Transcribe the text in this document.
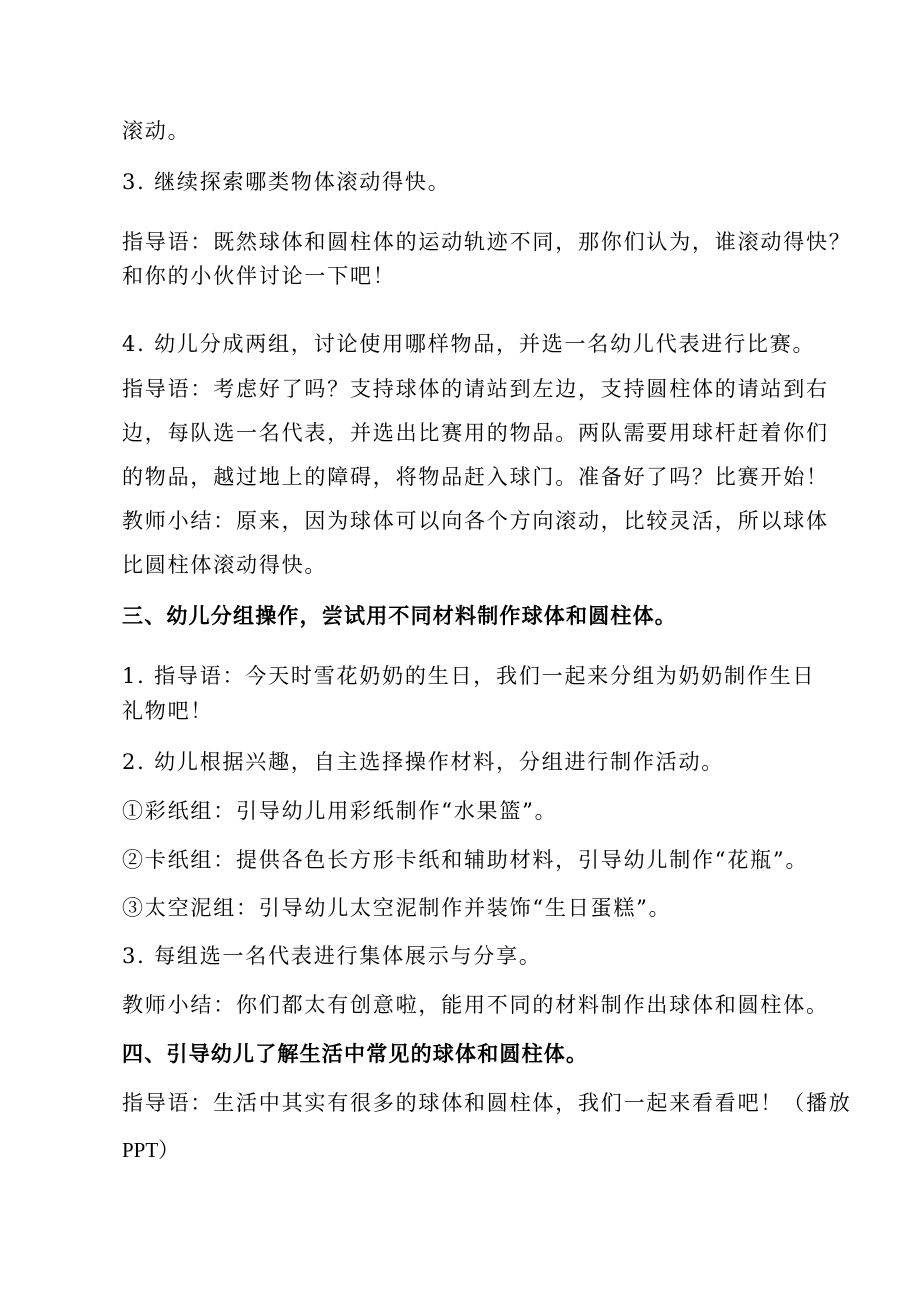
滚动。
3. 继续探索哪类物体滚动得快。
指导语：既然球体和圆柱体的运动轨迹不同，那你们认为，谁滚动得快？
和你的小伙伴讨论一下吧！
4. 幼儿分成两组，讨论使用哪样物品，并选一名幼儿代表进行比赛。
指导语：考虑好了吗？支持球体的请站到左边，支持圆柱体的请站到右
边，每队选一名代表，并选出比赛用的物品。两队需要用球杆赶着你们
的物品，越过地上的障碍，将物品赶入球门。准备好了吗？比赛开始！
教师小结：原来，因为球体可以向各个方向滚动，比较灵活，所以球体
比圆柱体滚动得快。
三、幼儿分组操作，尝试用不同材料制作球体和圆柱体。
1. 指导语：今天时雪花奶奶的生日，我们一起来分组为奶奶制作生日
礼物吧！
2. 幼儿根据兴趣，自主选择操作材料，分组进行制作活动。
①彩纸组：引导幼儿用彩纸制作“水果篮”。
②卡纸组：提供各色长方形卡纸和辅助材料，引导幼儿制作“花瓶”。
③太空泥组：引导幼儿太空泥制作并装饰“生日蛋糕”。
3. 每组选一名代表进行集体展示与分享。
教师小结：你们都太有创意啦，能用不同的材料制作出球体和圆柱体。
四、引导幼儿了解生活中常见的球体和圆柱体。
指导语：生活中其实有很多的球体和圆柱体，我们一起来看看吧！（播放
PPT）
